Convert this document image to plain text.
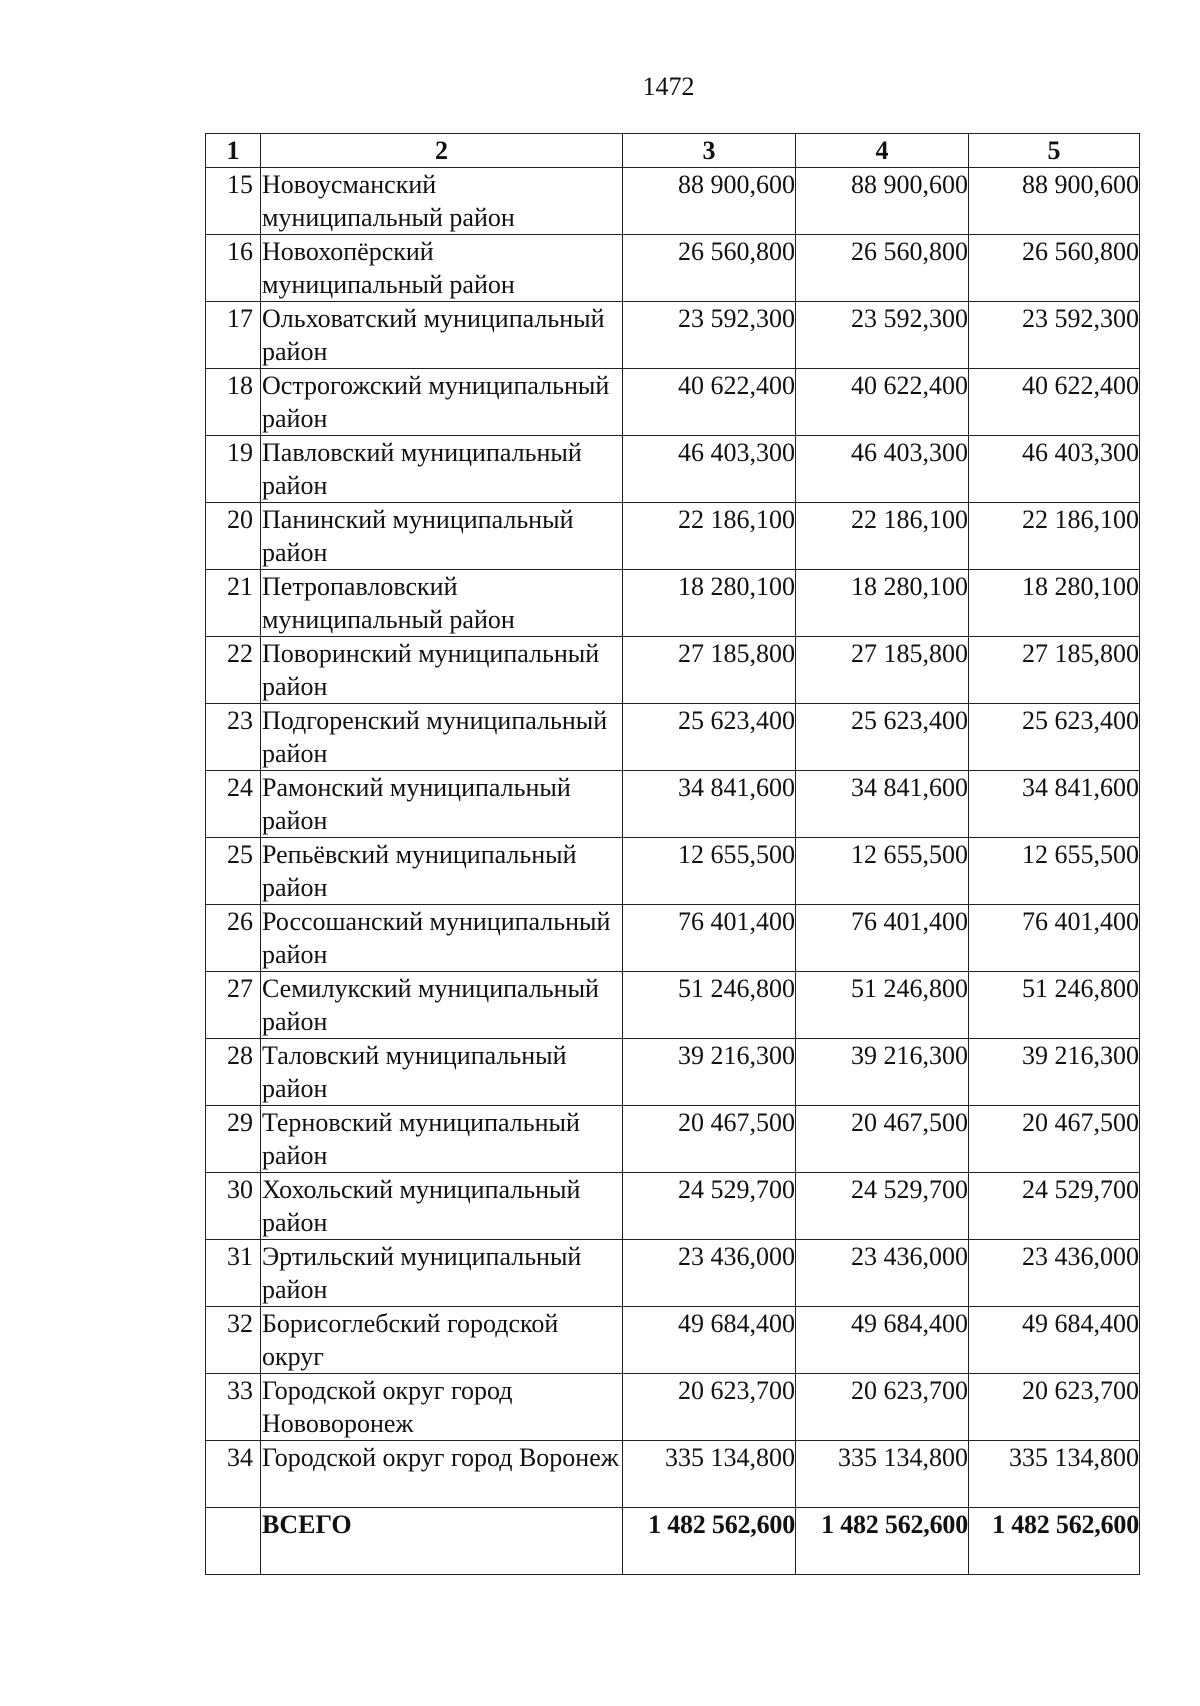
1472
1	2	3	4	5
15	Новоусманский муниципальный район	88 900,600	88 900,600	88 900,600
16	Новохопёрский муниципальный район	26 560,800	26 560,800	26 560,800
17	Ольховатский муниципальный район	23 592,300	23 592,300	23 592,300
18	Острогожский муниципальный район	40 622,400	40 622,400	40 622,400
19	Павловский муниципальный район	46 403,300	46 403,300	46 403,300
20	Панинский муниципальный район	22 186,100	22 186,100	22 186,100
21	Петропавловский муниципальный район	18 280,100	18 280,100	18 280,100
22	Поворинский муниципальный район	27 185,800	27 185,800	27 185,800
23	Подгоренский муниципальный район	25 623,400	25 623,400	25 623,400
24	Рамонский муниципальный район	34 841,600	34 841,600	34 841,600
25	Репьёвский муниципальный район	12 655,500	12 655,500	12 655,500
26	Россошанский муниципальный район	76 401,400	76 401,400	76 401,400
27	Семилукский муниципальный район	51 246,800	51 246,800	51 246,800
28	Таловский муниципальный район	39 216,300	39 216,300	39 216,300
29	Терновский муниципальный район	20 467,500	20 467,500	20 467,500
30	Хохольский муниципальный район	24 529,700	24 529,700	24 529,700
31	Эртильский муниципальный район	23 436,000	23 436,000	23 436,000
32	Борисоглебский городской округ	49 684,400	49 684,400	49 684,400
33	Городской округ город Нововоронеж	20 623,700	20 623,700	20 623,700
34	Городской округ город Воронеж	335 134,800	335 134,800	335 134,800
	ВСЕГО	1 482 562,600	1 482 562,600	1 482 562,600
